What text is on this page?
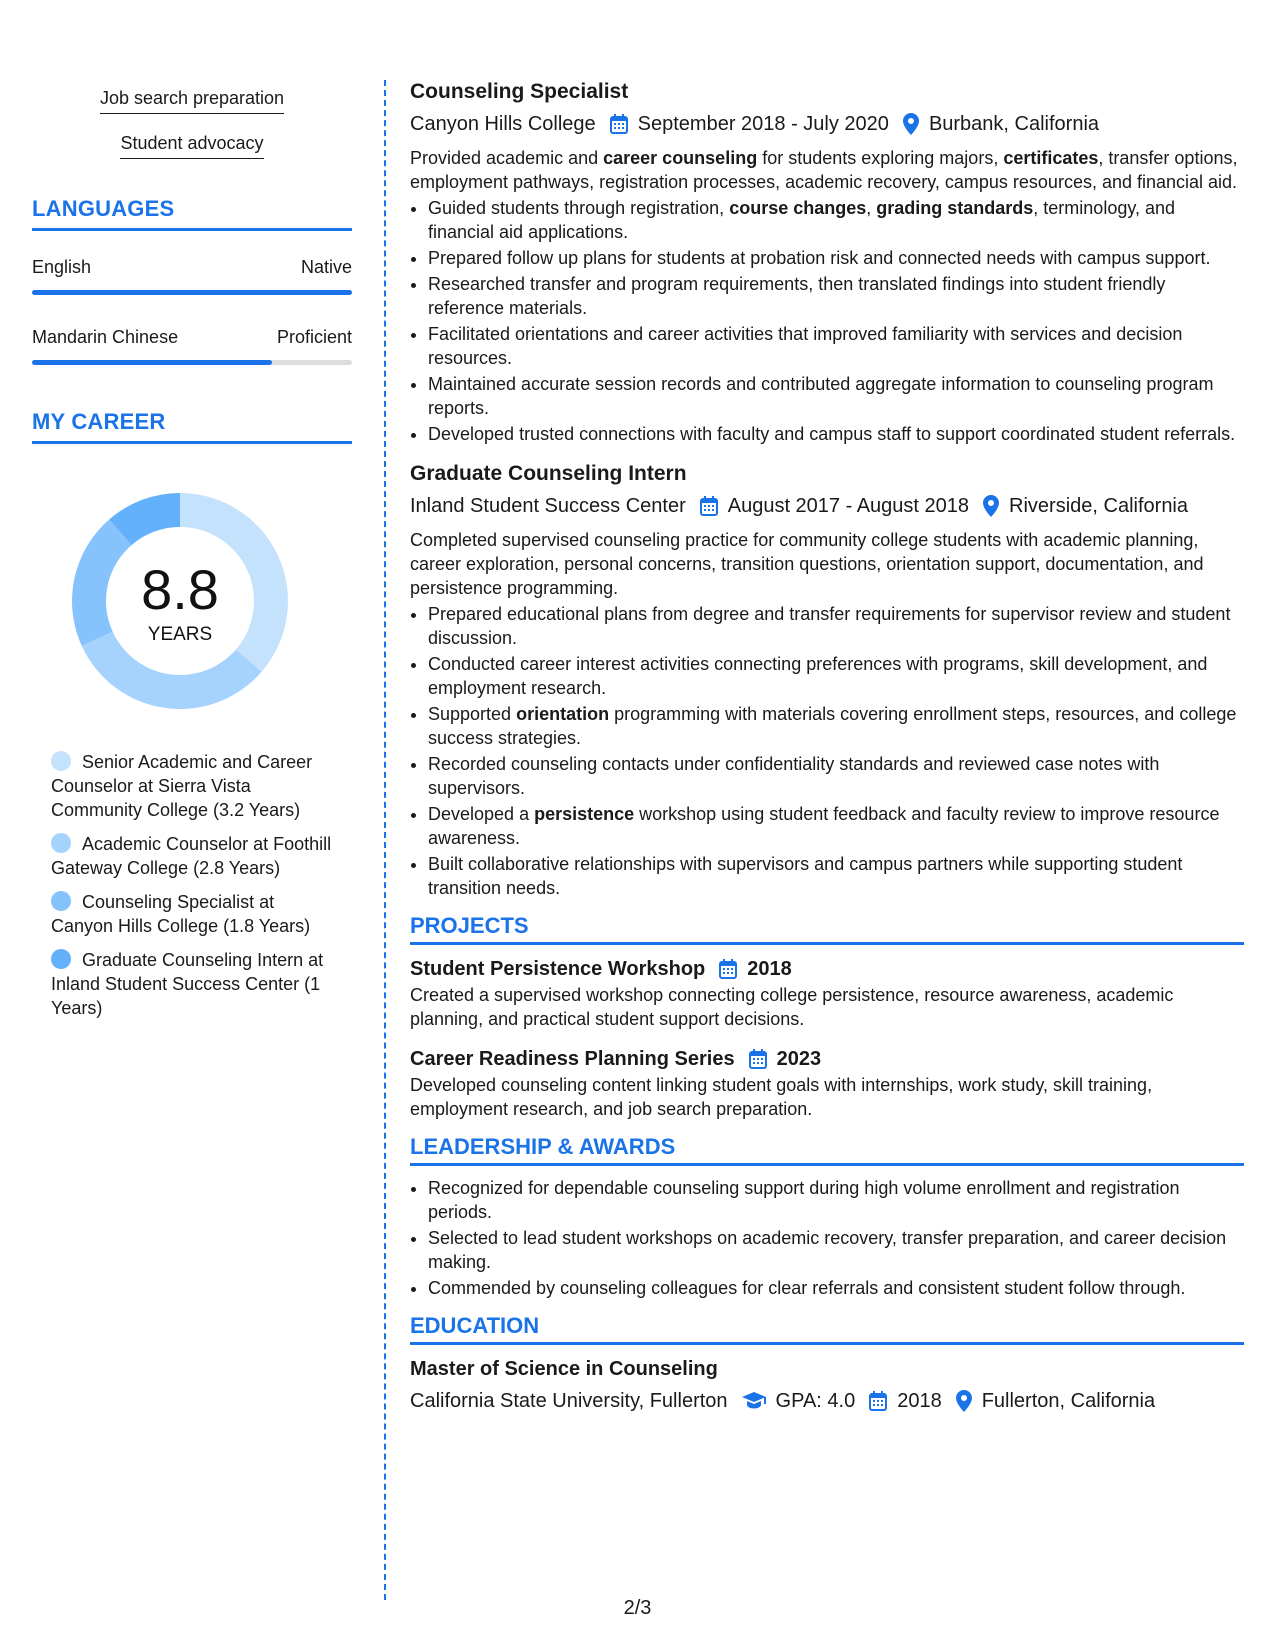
Job search preparation
Student advocacy
LANGUAGES
English	Native
Mandarin Chinese	Proficient
MY CAREER
8.8
YEARS
Senior Academic and Career Counselor at Sierra Vista Community College (3.2 Years)
Academic Counselor at Foothill Gateway College (2.8 Years)
Counseling Specialist at Canyon Hills College (1.8 Years)
Graduate Counseling Intern at Inland Student Success Center (1 Years)
Counseling Specialist
Canyon Hills College September 2018 - July 2020 Burbank, California
Provided academic and career counseling for students exploring majors, certificates, transfer options, employment pathways, registration processes, academic recovery, campus resources, and financial aid.
• Guided students through registration, course changes, grading standards, terminology, and financial aid applications.
• Prepared follow up plans for students at probation risk and connected needs with campus support.
• Researched transfer and program requirements, then translated findings into student friendly reference materials.
• Facilitated orientations and career activities that improved familiarity with services and decision resources.
• Maintained accurate session records and contributed aggregate information to counseling program reports.
• Developed trusted connections with faculty and campus staff to support coordinated student referrals.
Graduate Counseling Intern
Inland Student Success Center August 2017 - August 2018 Riverside, California
Completed supervised counseling practice for community college students with academic planning, career exploration, personal concerns, transition questions, orientation support, documentation, and persistence programming.
• Prepared educational plans from degree and transfer requirements for supervisor review and student discussion.
• Conducted career interest activities connecting preferences with programs, skill development, and employment research.
• Supported orientation programming with materials covering enrollment steps, resources, and college success strategies.
• Recorded counseling contacts under confidentiality standards and reviewed case notes with supervisors.
• Developed a persistence workshop using student feedback and faculty review to improve resource awareness.
• Built collaborative relationships with supervisors and campus partners while supporting student transition needs.
PROJECTS
Student Persistence Workshop 2018
Created a supervised workshop connecting college persistence, resource awareness, academic planning, and practical student support decisions.
Career Readiness Planning Series 2023
Developed counseling content linking student goals with internships, work study, skill training, employment research, and job search preparation.
LEADERSHIP & AWARDS
• Recognized for dependable counseling support during high volume enrollment and registration periods.
• Selected to lead student workshops on academic recovery, transfer preparation, and career decision making.
• Commended by counseling colleagues for clear referrals and consistent student follow through.
EDUCATION
Master of Science in Counseling
California State University, Fullerton GPA: 4.0 2018 Fullerton, California
2/3
